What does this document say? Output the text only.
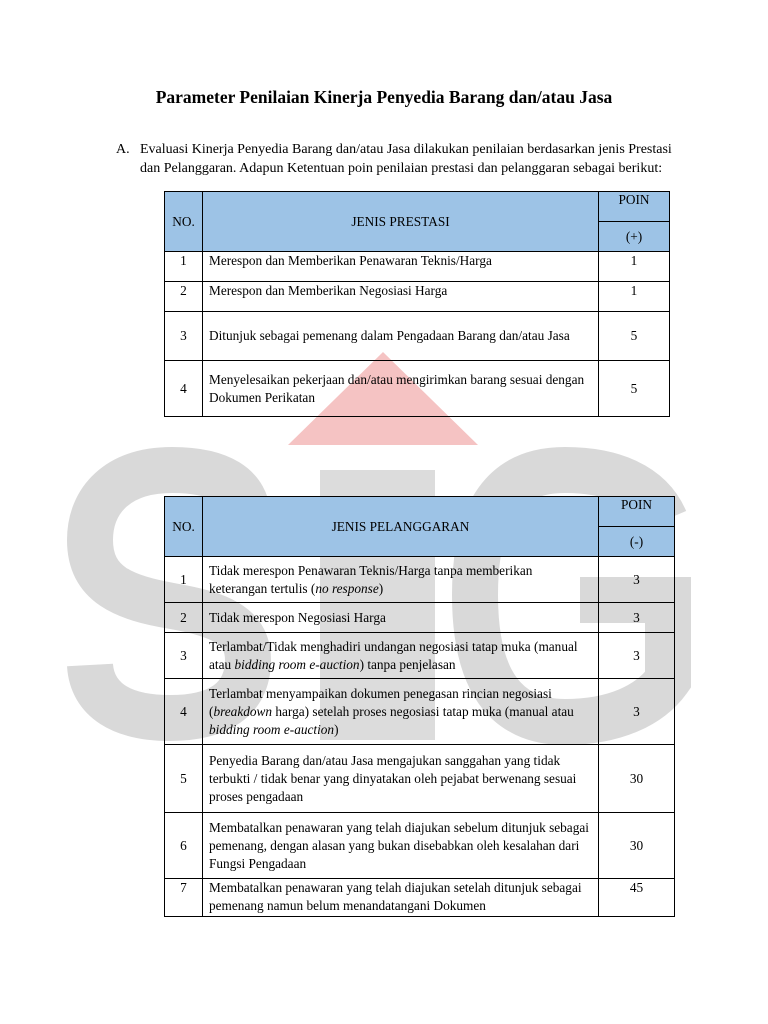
Parameter Penilaian Kinerja Penyedia Barang dan/atau Jasa
A. Evaluasi Kinerja Penyedia Barang dan/atau Jasa dilakukan penilaian berdasarkan jenis Prestasi dan Pelanggaran. Adapun Ketentuan poin penilaian prestasi dan pelanggaran sebagai berikut:
NO.	JENIS PRESTASI	POIN
		(+)
1	Merespon dan Memberikan Penawaran Teknis/Harga	1
2	Merespon dan Memberikan Negosiasi Harga	1
3	Ditunjuk sebagai pemenang dalam Pengadaan Barang dan/atau Jasa	5
4	Menyelesaikan pekerjaan dan/atau mengirimkan barang sesuai dengan Dokumen Perikatan	5
NO.	JENIS PELANGGARAN	POIN
		(-)
1	Tidak merespon Penawaran Teknis/Harga tanpa memberikan keterangan tertulis (no response)	3
2	Tidak merespon Negosiasi Harga	3
3	Terlambat/Tidak menghadiri undangan negosiasi tatap muka (manual atau bidding room e-auction) tanpa penjelasan	3
4	Terlambat menyampaikan dokumen penegasan rincian negosiasi (breakdown harga) setelah proses negosiasi tatap muka (manual atau bidding room e-auction)	3
5	Penyedia Barang dan/atau Jasa mengajukan sanggahan yang tidak terbukti / tidak benar yang dinyatakan oleh pejabat berwenang sesuai proses pengadaan	30
6	Membatalkan penawaran yang telah diajukan sebelum ditunjuk sebagai pemenang, dengan alasan yang bukan disebabkan oleh kesalahan dari Fungsi Pengadaan	30
7	Membatalkan penawaran yang telah diajukan setelah ditunjuk sebagai pemenang namun belum menandatangani Dokumen	45
